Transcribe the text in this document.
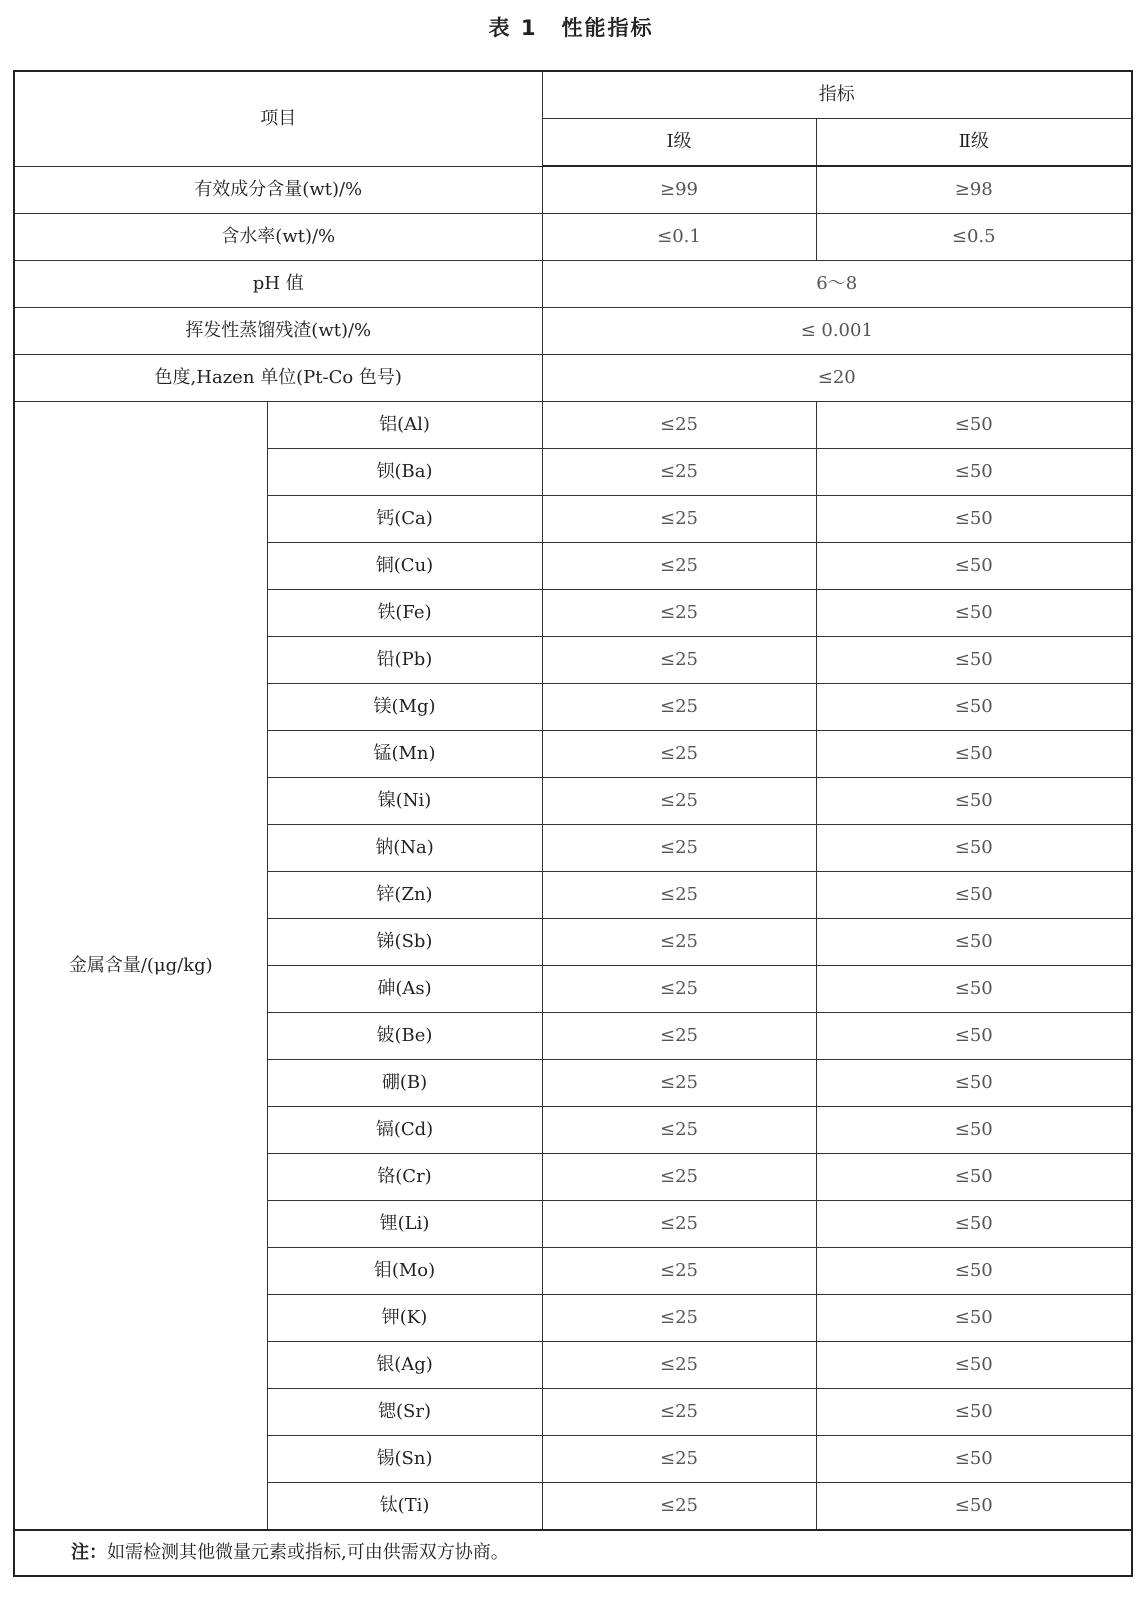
表 1 性能指标
项目		指标	
		Ⅰ级	Ⅱ级
有效成分含量(wt)/%		≥99	≥98
含水率(wt)/%		≤0.1	≤0.5
pH 值		6～8	
挥发性蒸馏残渣(wt)/%		≤ 0.001	
色度,Hazen 单位(Pt-Co 色号)		≤20	
金属含量/(μg/kg)	铝(Al)	≤25	≤50
	钡(Ba)	≤25	≤50
	钙(Ca)	≤25	≤50
	铜(Cu)	≤25	≤50
	铁(Fe)	≤25	≤50
	铅(Pb)	≤25	≤50
	镁(Mg)	≤25	≤50
	锰(Mn)	≤25	≤50
	镍(Ni)	≤25	≤50
	钠(Na)	≤25	≤50
	锌(Zn)	≤25	≤50
	锑(Sb)	≤25	≤50
	砷(As)	≤25	≤50
	铍(Be)	≤25	≤50
	硼(B)	≤25	≤50
	镉(Cd)	≤25	≤50
	铬(Cr)	≤25	≤50
	锂(Li)	≤25	≤50
	钼(Mo)	≤25	≤50
	钾(K)	≤25	≤50
	银(Ag)	≤25	≤50
	锶(Sr)	≤25	≤50
	锡(Sn)	≤25	≤50
	钛(Ti)	≤25	≤50
注：如需检测其他微量元素或指标,可由供需双方协商。			
